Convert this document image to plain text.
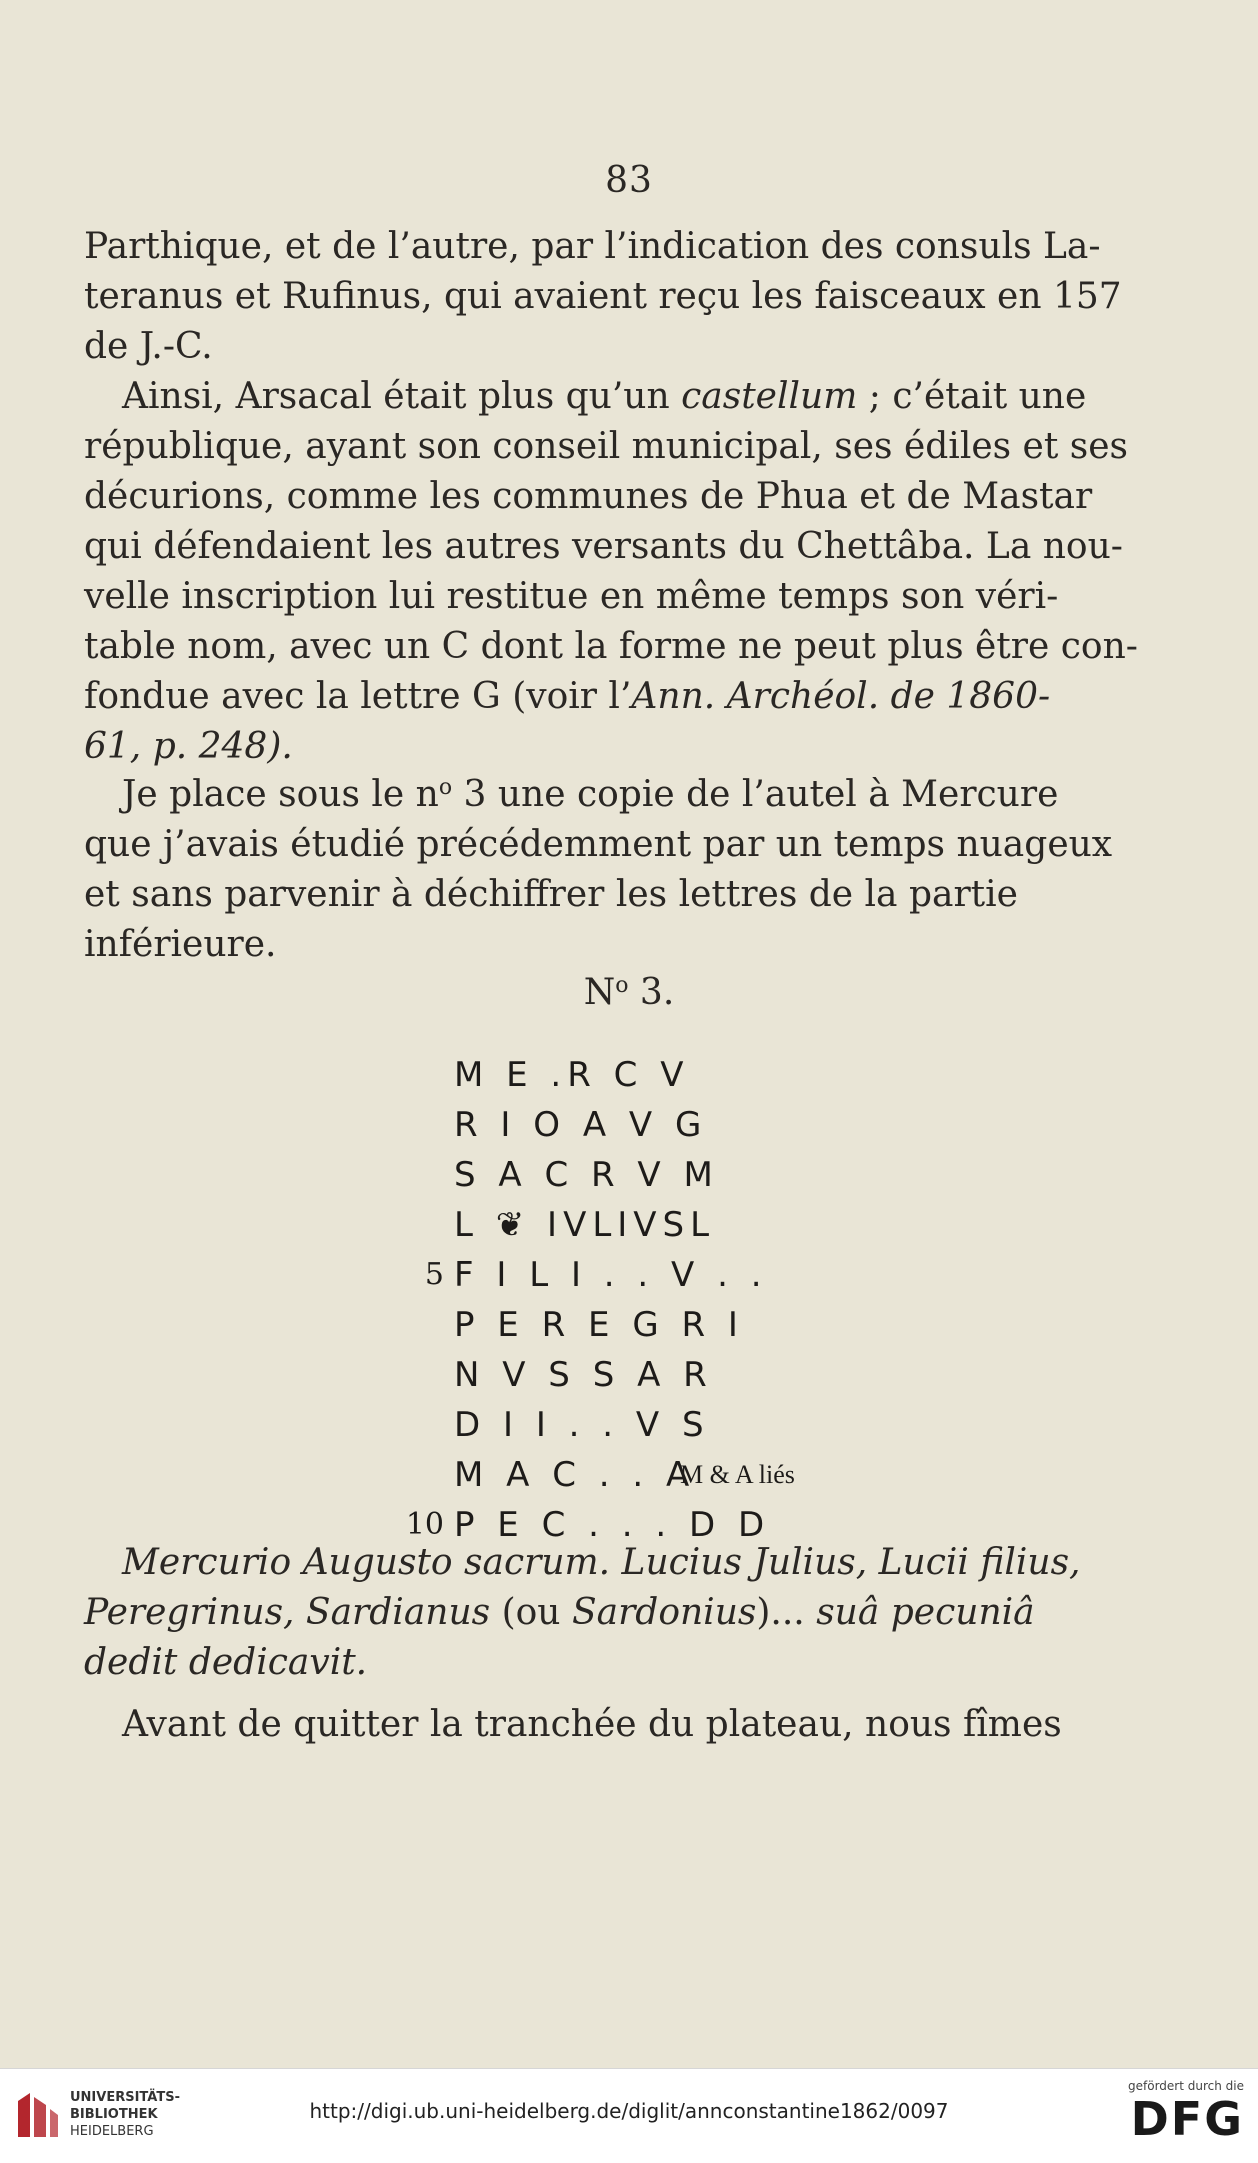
83
Parthique, et de l’autre, par l’indication des consuls La-
teranus et Rufinus, qui avaient reçu les faisceaux en 157
de J.-C.
Ainsi, Arsacal était plus qu’un castellum ; c’était une
république, ayant son conseil municipal, ses édiles et ses
décurions, comme les communes de Phua et de Mastar
qui défendaient les autres versants du Chettâba. La nou-
velle inscription lui restitue en même temps son véri-
table nom, avec un C dont la forme ne peut plus être con-
fondue avec la lettre G (voir l’Ann. Archéol. de 1860-
61, p. 248).
Je place sous le $n^o$ 3 une copie de l’autel à Mercure
que j’avais étudié précédemment par un temps nuageux
et sans parvenir à déchiffrer les lettres de la partie
inférieure.
$N^o$ 3.
M E .R C V
R I O A V G
S A C R V M
L ❦ IVLIVSL
5 F I L I . . V . .
P E R E G R I
N V S S A R
D I I . . V S
M A C . . A
M & A liés
10 P E C . . . D D
Mercurio Augusto sacrum. Lucius Julius, Lucii filius,
Peregrinus, Sardianus (ou Sardonius)... suâ pecuniâ
dedit dedicavit.
Avant de quitter la tranchée du plateau, nous fîmes
UNIVERSITÄTS-
BIBLIOTHEK
HEIDELBERG
http://digi.ub.uni-heidelberg.de/diglit/annconstantine1862/0097
gefördert durch die
DFG
